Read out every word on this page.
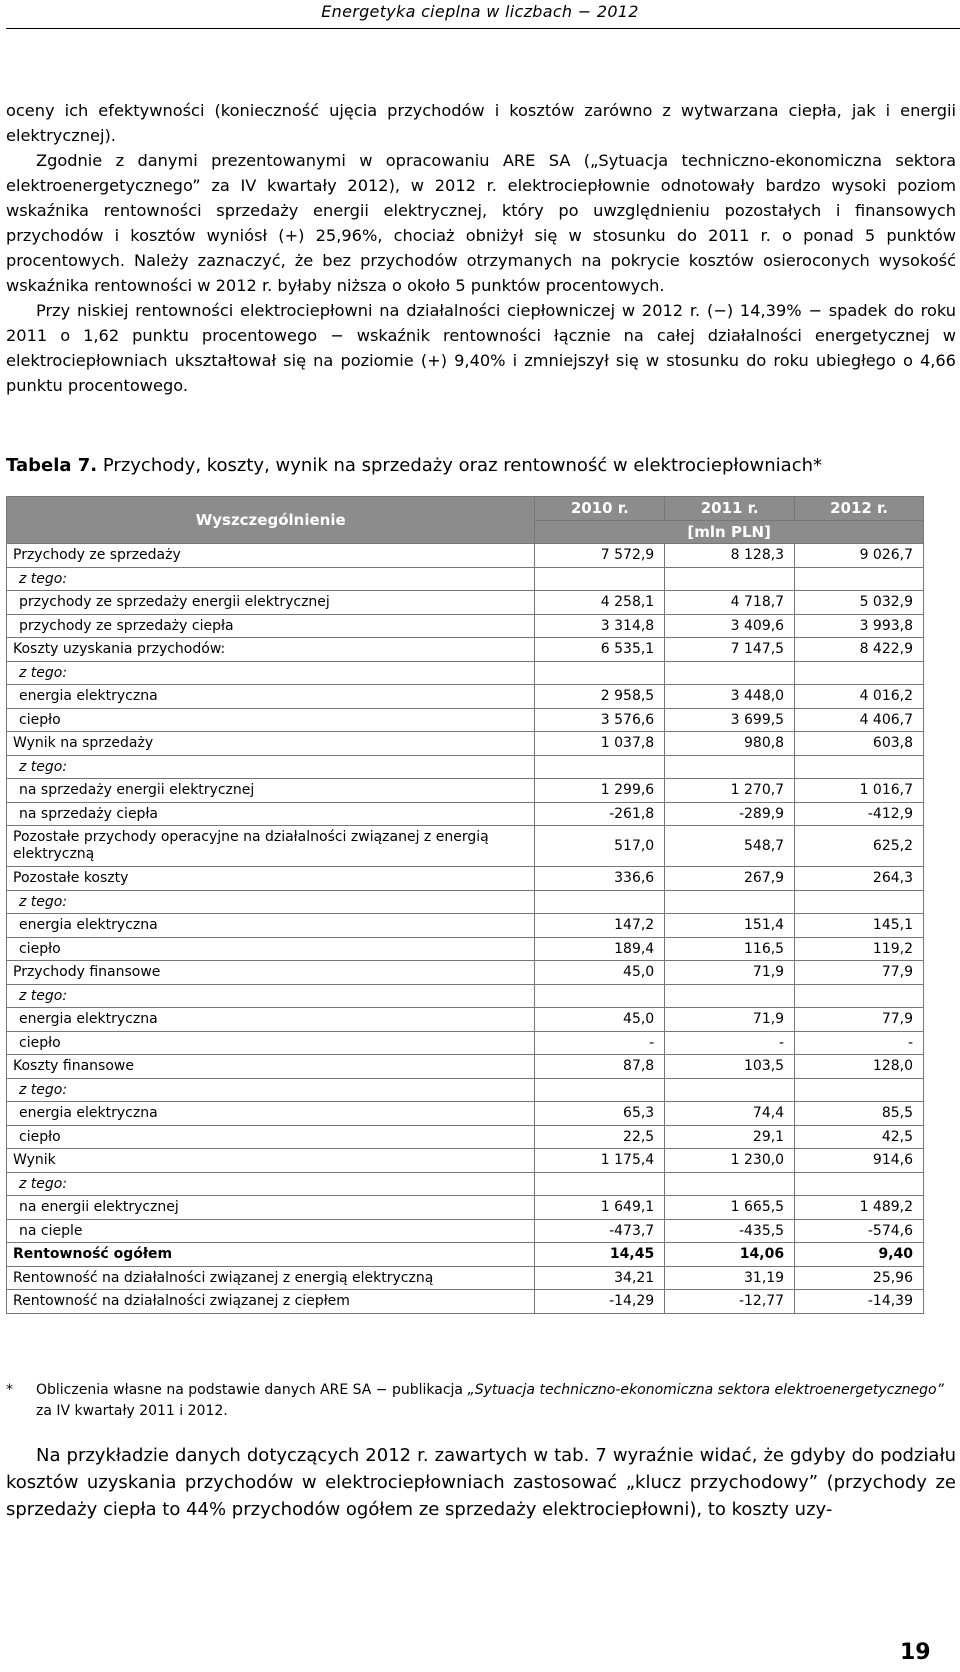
Energetyka cieplna w liczbach − 2012

oceny ich efektywności (konieczność ujęcia przychodów i kosztów zarówno z wytwarzana ciepła, jak i energii elektrycznej).

Zgodnie z danymi prezentowanymi w opracowaniu ARE SA („Sytuacja techniczno-ekonomiczna sektora elektroenergetycznego” za IV kwartały 2012), w 2012 r. elektrociepłownie odnotowały bardzo wysoki poziom wskaźnika rentowności sprzedaży energii elektrycznej, który po uwzględnieniu pozostałych i finansowych przychodów i kosztów wyniósł (+) 25,96%, chociaż obniżył się w stosunku do 2011 r. o ponad 5 punktów procentowych. Należy zaznaczyć, że bez przychodów otrzymanych na pokrycie kosztów osieroconych wysokość wskaźnika rentowności w 2012 r. byłaby niższa o około 5 punktów procentowych.

Przy niskiej rentowności elektrociepłowni na działalności ciepłowniczej w 2012 r. (−) 14,39% − spadek do roku 2011 o 1,62 punktu procentowego − wskaźnik rentowności łącznie na całej działalności energetycznej w elektrociepłowniach ukształtował się na poziomie (+) 9,40% i zmniejszył się w stosunku do roku ubiegłego o 4,66 punktu procentowego.

Tabela 7. Przychody, koszty, wynik na sprzedaży oraz rentowność w elektrociepłowniach*
Wyszczególnienie	2010 r.	2011 r.	2012 r.
	[mln PLN]		
Przychody ze sprzedaży	7 572,9	8 128,3	9 026,7
z tego:			
przychody ze sprzedaży energii elektrycznej	4 258,1	4 718,7	5 032,9
przychody ze sprzedaży ciepła	3 314,8	3 409,6	3 993,8
Koszty uzyskania przychodów:	6 535,1	7 147,5	8 422,9
z tego:			
energia elektryczna	2 958,5	3 448,0	4 016,2
ciepło	3 576,6	3 699,5	4 406,7
Wynik na sprzedaży	1 037,8	980,8	603,8
z tego:			
na sprzedaży energii elektrycznej	1 299,6	1 270,7	1 016,7
na sprzedaży ciepła	-261,8	-289,9	-412,9
Pozostałe przychody operacyjne na działalności związanej z energią elektryczną	517,0	548,7	625,2
Pozostałe koszty	336,6	267,9	264,3
z tego:			
energia elektryczna	147,2	151,4	145,1
ciepło	189,4	116,5	119,2
Przychody finansowe	45,0	71,9	77,9
z tego:			
energia elektryczna	45,0	71,9	77,9
ciepło	-	-	-
Koszty finansowe	87,8	103,5	128,0
z tego:			
energia elektryczna	65,3	74,4	85,5
ciepło	22,5	29,1	42,5
Wynik	1 175,4	1 230,0	914,6
z tego:			
na energii elektrycznej	1 649,1	1 665,5	1 489,2
na cieple	-473,7	-435,5	-574,6
Rentowność ogółem	14,45	14,06	9,40
Rentowność na działalności związanej z energią elektryczną	34,21	31,19	25,96
Rentowność na działalności związanej z ciepłem	-14,29	-12,77	-14,39
* Obliczenia własne na podstawie danych ARE SA − publikacja „Sytuacja techniczno-ekonomiczna sektora elektroenergetycznego” za IV kwartały 2011 i 2012.

Na przykładzie danych dotyczących 2012 r. zawartych w tab. 7 wyraźnie widać, że gdyby do podziału kosztów uzyskania przychodów w elektrociepłowniach zastosować „klucz przychodowy” (przychody ze sprzedaży ciepła to 44% przychodów ogółem ze sprzedaży elektrociepłowni), to koszty uzy-

19
